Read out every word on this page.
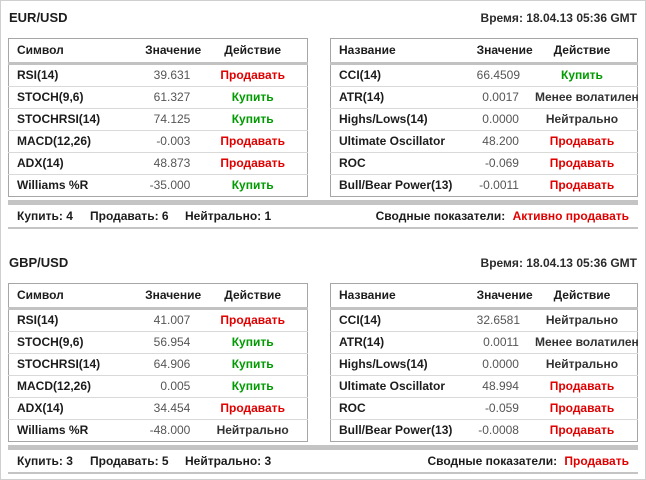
EUR/USD	Время: 18.04.13 05:36 GMT
Символ	Значение	Действие
RSI(14)	39.631	Продавать
STOCH(9,6)	61.327	Купить
STOCHRSI(14)	74.125	Купить
MACD(12,26)	-0.003	Продавать
ADX(14)	48.873	Продавать
Williams %R	-35.000	Купить
Название	Значение	Действие
CCI(14)	66.4509	Купить
ATR(14)	0.0017	Менее волатилен
Highs/Lows(14)	0.0000	Нейтрально
Ultimate Oscillator	48.200	Продавать
ROC	-0.069	Продавать
Bull/Bear Power(13)	-0.0011	Продавать
Купить: 4	Продавать: 6	Нейтрально: 1	Сводные показатели: Активно продавать
GBP/USD	Время: 18.04.13 05:36 GMT
Символ	Значение	Действие
RSI(14)	41.007	Продавать
STOCH(9,6)	56.954	Купить
STOCHRSI(14)	64.906	Купить
MACD(12,26)	0.005	Купить
ADX(14)	34.454	Продавать
Williams %R	-48.000	Нейтрально
Название	Значение	Действие
CCI(14)	32.6581	Нейтрально
ATR(14)	0.0011	Менее волатилен
Highs/Lows(14)	0.0000	Нейтрально
Ultimate Oscillator	48.994	Продавать
ROC	-0.059	Продавать
Bull/Bear Power(13)	-0.0008	Продавать
Купить: 3	Продавать: 5	Нейтрально: 3	Сводные показатели: Продавать
